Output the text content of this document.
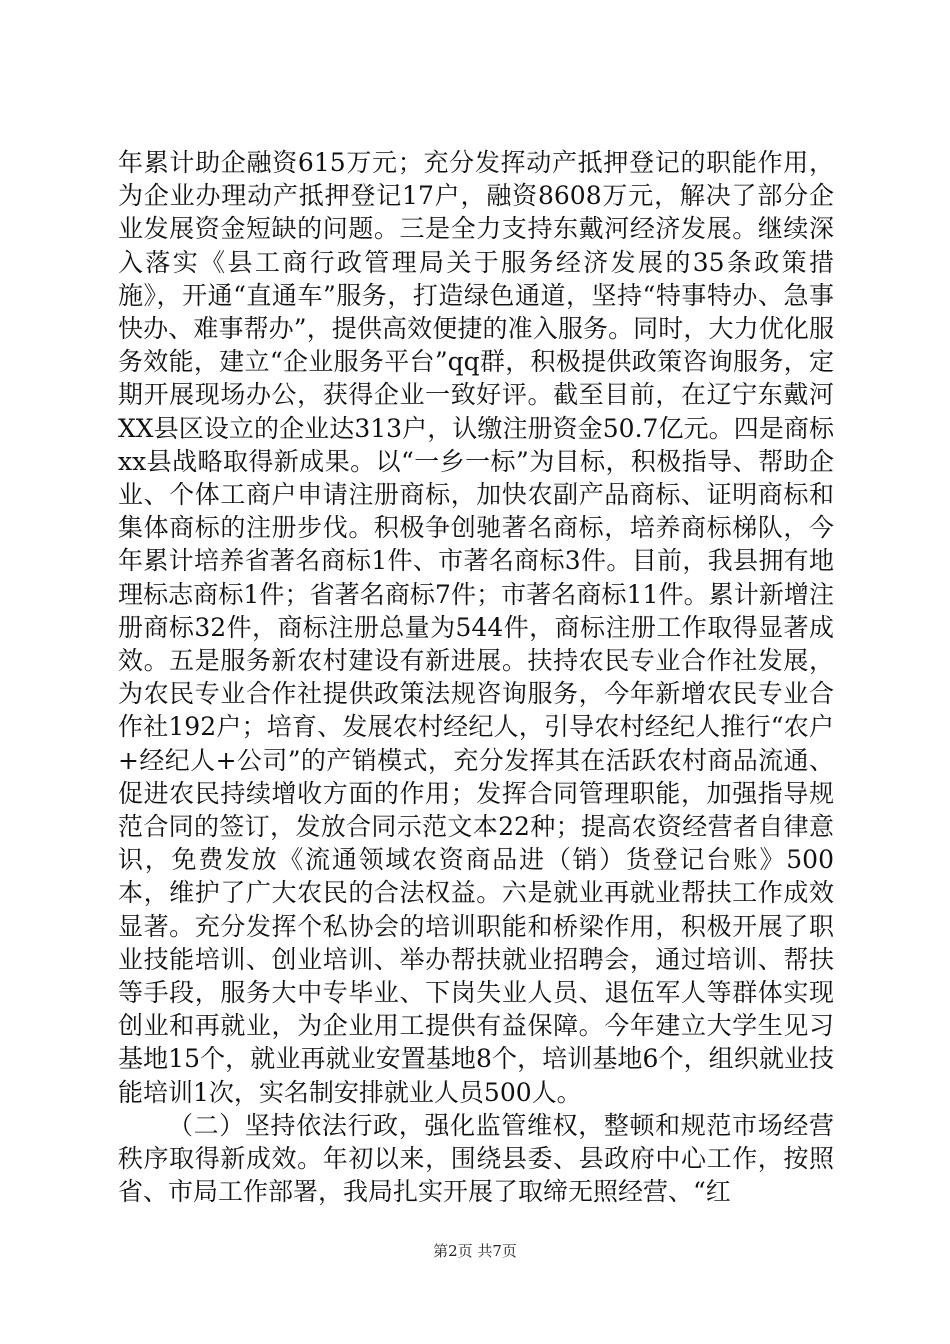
年累计助企融资615万元；充分发挥动产抵押登记的职能作用，为企业办理动产抵押登记17户，融资8608万元，解决了部分企业发展资金短缺的问题。三是全力支持东戴河经济发展。继续深入落实《县工商行政管理局关于服务经济发展的35条政策措施》，开通“直通车”服务，打造绿色通道，坚持“特事特办、急事快办、难事帮办”，提供高效便捷的准入服务。同时，大力优化服务效能，建立“企业服务平台”qq群，积极提供政策咨询服务，定期开展现场办公，获得企业一致好评。截至目前，在辽宁东戴河XX县区设立的企业达313户，认缴注册资金50.7亿元。四是商标xx县战略取得新成果。以“一乡一标”为目标，积极指导、帮助企业、个体工商户申请注册商标，加快农副产品商标、证明商标和集体商标的注册步伐。积极争创驰著名商标，培养商标梯队，今年累计培养省著名商标1件、市著名商标3件。目前，我县拥有地理标志商标1件；省著名商标7件；市著名商标11件。累计新增注册商标32件，商标注册总量为544件，商标注册工作取得显著成效。五是服务新农村建设有新进展。扶持农民专业合作社发展，为农民专业合作社提供政策法规咨询服务，今年新增农民专业合作社192户；培育、发展农村经纪人，引导农村经纪人推行“农户+经纪人+公司”的产销模式，充分发挥其在活跃农村商品流通、促进农民持续增收方面的作用；发挥合同管理职能，加强指导规范合同的签订，发放合同示范文本22种；提高农资经营者自律意识，免费发放《流通领域农资商品进（销）货登记台账》500本，维护了广大农民的合法权益。六是就业再就业帮扶工作成效显著。充分发挥个私协会的培训职能和桥梁作用，积极开展了职业技能培训、创业培训、举办帮扶就业招聘会，通过培训、帮扶等手段，服务大中专毕业、下岗失业人员、退伍军人等群体实现创业和再就业，为企业用工提供有益保障。今年建立大学生见习基地15个，就业再就业安置基地8个，培训基地6个，组织就业技能培训1次，实名制安排就业人员500人。

（二）坚持依法行政，强化监管维权，整顿和规范市场经营秩序取得新成效。年初以来，围绕县委、县政府中心工作，按照省、市局工作部署，我局扎实开展了取缔无照经营、“红

第2页 共7页
